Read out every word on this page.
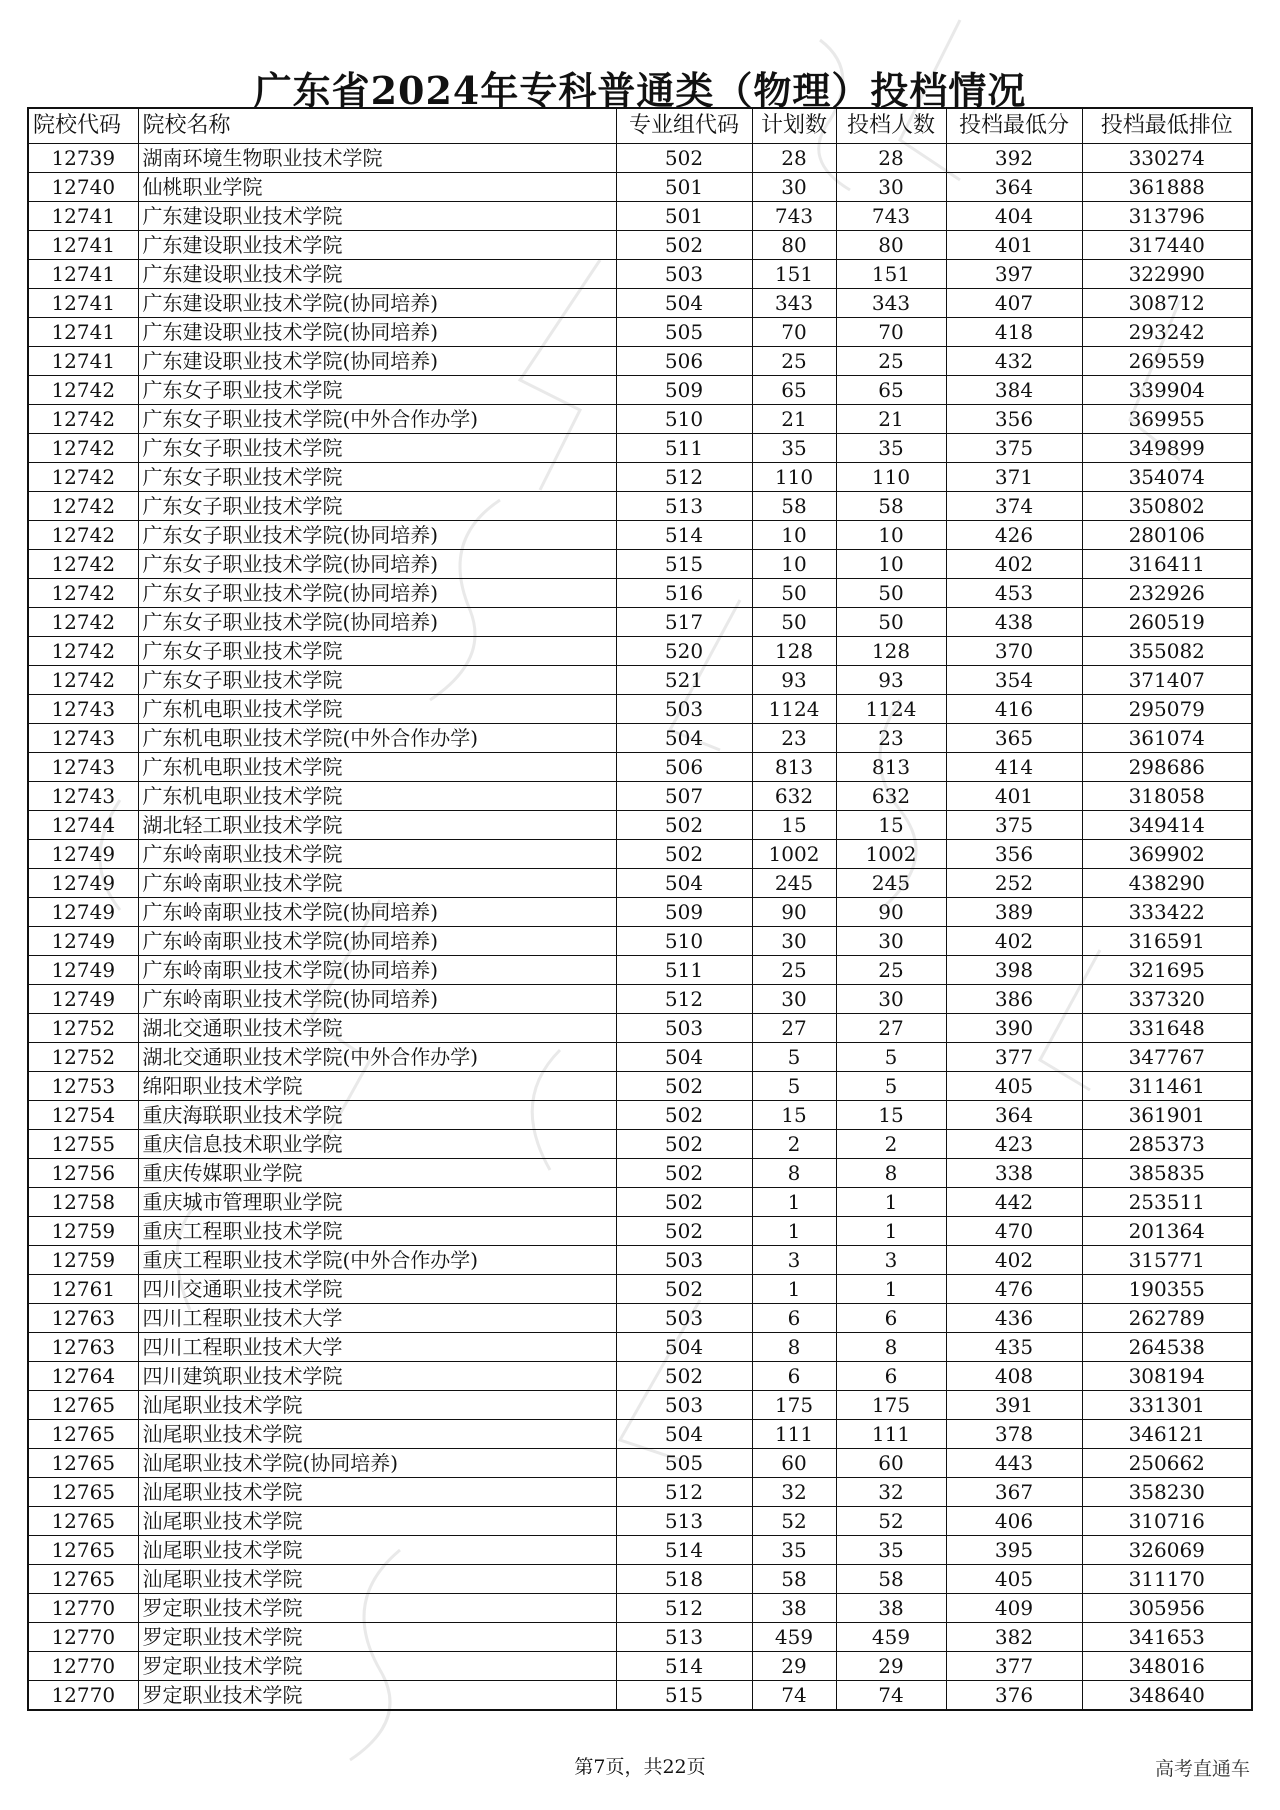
广东省2024年专科普通类（物理）投档情况
院校代码	院校名称	专业组代码	计划数	投档人数	投档最低分	投档最低排位
12739	湖南环境生物职业技术学院	502	28	28	392	330274
12740	仙桃职业学院	501	30	30	364	361888
12741	广东建设职业技术学院	501	743	743	404	313796
12741	广东建设职业技术学院	502	80	80	401	317440
12741	广东建设职业技术学院	503	151	151	397	322990
12741	广东建设职业技术学院(协同培养)	504	343	343	407	308712
12741	广东建设职业技术学院(协同培养)	505	70	70	418	293242
12741	广东建设职业技术学院(协同培养)	506	25	25	432	269559
12742	广东女子职业技术学院	509	65	65	384	339904
12742	广东女子职业技术学院(中外合作办学)	510	21	21	356	369955
12742	广东女子职业技术学院	511	35	35	375	349899
12742	广东女子职业技术学院	512	110	110	371	354074
12742	广东女子职业技术学院	513	58	58	374	350802
12742	广东女子职业技术学院(协同培养)	514	10	10	426	280106
12742	广东女子职业技术学院(协同培养)	515	10	10	402	316411
12742	广东女子职业技术学院(协同培养)	516	50	50	453	232926
12742	广东女子职业技术学院(协同培养)	517	50	50	438	260519
12742	广东女子职业技术学院	520	128	128	370	355082
12742	广东女子职业技术学院	521	93	93	354	371407
12743	广东机电职业技术学院	503	1124	1124	416	295079
12743	广东机电职业技术学院(中外合作办学)	504	23	23	365	361074
12743	广东机电职业技术学院	506	813	813	414	298686
12743	广东机电职业技术学院	507	632	632	401	318058
12744	湖北轻工职业技术学院	502	15	15	375	349414
12749	广东岭南职业技术学院	502	1002	1002	356	369902
12749	广东岭南职业技术学院	504	245	245	252	438290
12749	广东岭南职业技术学院(协同培养)	509	90	90	389	333422
12749	广东岭南职业技术学院(协同培养)	510	30	30	402	316591
12749	广东岭南职业技术学院(协同培养)	511	25	25	398	321695
12749	广东岭南职业技术学院(协同培养)	512	30	30	386	337320
12752	湖北交通职业技术学院	503	27	27	390	331648
12752	湖北交通职业技术学院(中外合作办学)	504	5	5	377	347767
12753	绵阳职业技术学院	502	5	5	405	311461
12754	重庆海联职业技术学院	502	15	15	364	361901
12755	重庆信息技术职业学院	502	2	2	423	285373
12756	重庆传媒职业学院	502	8	8	338	385835
12758	重庆城市管理职业学院	502	1	1	442	253511
12759	重庆工程职业技术学院	502	1	1	470	201364
12759	重庆工程职业技术学院(中外合作办学)	503	3	3	402	315771
12761	四川交通职业技术学院	502	1	1	476	190355
12763	四川工程职业技术大学	503	6	6	436	262789
12763	四川工程职业技术大学	504	8	8	435	264538
12764	四川建筑职业技术学院	502	6	6	408	308194
12765	汕尾职业技术学院	503	175	175	391	331301
12765	汕尾职业技术学院	504	111	111	378	346121
12765	汕尾职业技术学院(协同培养)	505	60	60	443	250662
12765	汕尾职业技术学院	512	32	32	367	358230
12765	汕尾职业技术学院	513	52	52	406	310716
12765	汕尾职业技术学院	514	35	35	395	326069
12765	汕尾职业技术学院	518	58	58	405	311170
12770	罗定职业技术学院	512	38	38	409	305956
12770	罗定职业技术学院	513	459	459	382	341653
12770	罗定职业技术学院	514	29	29	377	348016
12770	罗定职业技术学院	515	74	74	376	348640
第7页，共22页	高考直通车
